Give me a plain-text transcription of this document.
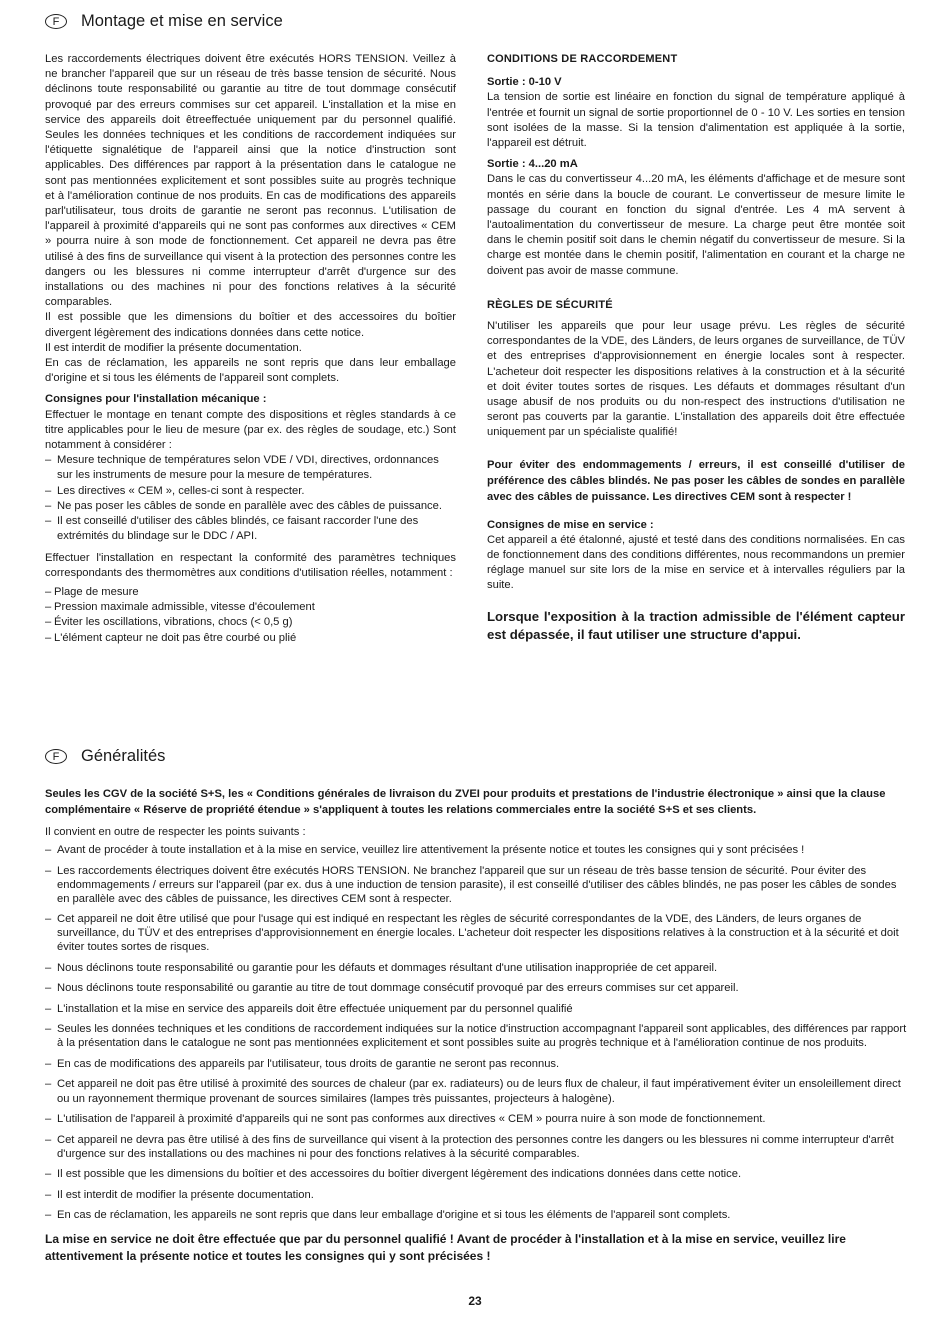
F	Montage et mise en service

Les raccordements électriques doivent être exécutés HORS TENSION. Veillez à ne brancher l'appareil que sur un réseau de très basse tension de sécurité. Nous déclinons toute responsabilité ou garantie au titre de tout dommage consécutif provoqué par des erreurs commises sur cet appareil. L'installation et la mise en service des appareils doit êtreeffectuée uniquement par du personnel qualifié. Seules les données techniques et les conditions de raccordement indiquées sur l'étiquette signalétique de l'appareil ainsi que la notice d'instruction sont applicables. Des différences par rapport à la présentation dans le catalogue ne sont pas mentionnées explicitement et sont possibles suite au progrès technique et à l'amélioration continue de nos produits. En cas de modifications des appareils parl'utilisateur, tous droits de garantie ne seront pas reconnus. L'utilisation de l'appareil à proximité d'appareils qui ne sont pas conformes aux directives « CEM » pourra nuire à son mode de fonctionnement. Cet appareil ne devra pas être utilisé à des fins de surveillance qui visent à la protection des personnes contre les dangers ou les blessures ni comme interrupteur d'arrêt d'urgence sur des installations ou des machines ni pour des fonctions relatives à la sécurité comparables.

Il est possible que les dimensions du boîtier et des accessoires du boîtier divergent légèrement des indications données dans cette notice.

Il est interdit de modifier la présente documentation.

En cas de réclamation, les appareils ne sont repris que dans leur emballage d'origine et si tous les éléments de l'appareil sont complets.

Consignes pour l'installation mécanique :

Effectuer le montage en tenant compte des dispositions et règles standards à ce titre applicables pour le lieu de mesure (par ex. des règles de soudage, etc.) Sont notamment à considérer :

– Mesure technique de températures selon VDE / VDI, directives, ordonnances sur les instruments de mesure pour la mesure de températures.
– Les directives « CEM », celles-ci sont à respecter.
– Ne pas poser les câbles de sonde en parallèle avec des câbles de puissance.
– Il est conseillé d'utiliser des câbles blindés, ce faisant raccorder l'une des extrémités du blindage sur le DDC / API.

Effectuer l'installation en respectant la conformité des paramètres techniques correspondants des thermomètres aux conditions d'utilisation réelles, notamment :

– Plage de mesure
– Pression maximale admissible, vitesse d'écoulement
– Éviter les oscillations, vibrations, chocs (< 0,5 g)
– L'élément capteur ne doit pas être courbé ou plié

CONDITIONS DE RACCORDEMENT

Sortie : 0-10 V

La tension de sortie est linéaire en fonction du signal de température appliqué à l'entrée et fournit un signal de sortie proportionnel de 0 - 10 V. Les sorties en tension sont isolées de la masse. Si la tension d'alimentation est appliquée à la sortie, l'appareil est détruit.

Sortie : 4...20 mA

Dans le cas du convertisseur 4...20 mA, les éléments d'affichage et de mesure sont montés en série dans la boucle de courant. Le convertisseur de mesure limite le passage du courant en fonction du signal d'entrée. Les 4 mA servent à l'autoalimentation du convertisseur de mesure. La charge peut être montée soit dans le chemin positif soit dans le chemin négatif du convertisseur de mesure. Si la charge est montée dans le chemin positif, l'alimentation en courant et la charge ne doivent pas avoir de masse commune.

RÈGLES DE SÉCURITÉ

N'utiliser les appareils que pour leur usage prévu. Les règles de sécurité correspondantes de la VDE, des Länders, de leurs organes de surveillance, de TÜV et des entreprises d'approvisionnement en énergie locales sont à respecter. L'acheteur doit respecter les dispositions relatives à la construction et à la sécurité et doit éviter toutes sortes de risques. Les défauts et dommages résultant d'un usage abusif de nos produits ou du non-respect des instructions d'utilisation ne seront pas couverts par la garantie. L'installation des appareils doit être effectuée uniquement par un spécialiste qualifié!

Pour éviter des endommagements / erreurs, il est conseillé d'utiliser de préférence des câbles blindés. Ne pas poser les câbles de sondes en parallèle avec des câbles de puissance. Les directives CEM sont à respecter !

Consignes de mise en service :

Cet appareil a été étalonné, ajusté et testé dans des conditions normalisées. En cas de fonctionnement dans des conditions différentes, nous recommandons un premier réglage manuel sur site lors de la mise en service et à intervalles réguliers par la suite.

Lorsque l'exposition à la traction admissible de l'élément capteur est dépassée, il faut utiliser une structure d'appui.

F	Généralités

Seules les CGV de la société S+S, les « Conditions générales de livraison du ZVEI pour produits et prestations de l'industrie électronique » ainsi que la clause complémentaire « Réserve de propriété étendue » s'appliquent à toutes les relations commerciales entre la société S+S et ses clients.

Il convient en outre de respecter les points suivants :

– Avant de procéder à toute installation et à la mise en service, veuillez lire attentivement la présente notice et toutes les consignes qui y sont précisées !
– Les raccordements électriques doivent être exécutés HORS TENSION. Ne branchez l'appareil que sur un réseau de très basse tension de sécurité. Pour éviter des endommagements / erreurs sur l'appareil (par ex. dus à une induction de tension parasite), il est conseillé d'utiliser des câbles blindés, ne pas poser les câbles de sondes en parallèle avec des câbles de puissance, les directives CEM sont à respecter.
– Cet appareil ne doit être utilisé que pour l'usage qui est indiqué en respectant les règles de sécurité correspondantes de la VDE, des Länders, de leurs organes de surveillance, du TÜV et des entreprises d'approvisionnement en énergie locales. L'acheteur doit respecter les dispositions relatives à la construction et à la sécurité et doit éviter toutes sortes de risques.
– Nous déclinons toute responsabilité ou garantie pour les défauts et dommages résultant d'une utilisation inappropriée de cet appareil.
– Nous déclinons toute responsabilité ou garantie au titre de tout dommage consécutif provoqué par des erreurs commises sur cet appareil.
– L'installation et la mise en service des appareils doit être effectuée uniquement par du personnel qualifié
– Seules les données techniques et les conditions de raccordement indiquées sur la notice d'instruction accompagnant l'appareil sont applicables, des différences par rapport à la présentation dans le catalogue ne sont pas mentionnées explicitement et sont possibles suite au progrès technique et à l'amélioration continue de nos produits.
– En cas de modifications des appareils par l'utilisateur, tous droits de garantie ne seront pas reconnus.
– Cet appareil ne doit pas être utilisé à proximité des sources de chaleur (par ex. radiateurs) ou de leurs flux de chaleur, il faut impérativement éviter un ensoleillement direct ou un rayonnement thermique provenant de sources similaires (lampes très puissantes, projecteurs à halogène).
– L'utilisation de l'appareil à proximité d'appareils qui ne sont pas conformes aux directives « CEM » pourra nuire à son mode de fonctionnement.
– Cet appareil ne devra pas être utilisé à des fins de surveillance qui visent à la protection des personnes contre les dangers ou les blessures ni comme interrupteur d'arrêt d'urgence sur des installations ou des machines ni pour des fonctions relatives à la sécurité comparables.
– Il est possible que les dimensions du boîtier et des accessoires du boîtier divergent légèrement des indications données dans cette notice.
– Il est interdit de modifier la présente documentation.
– En cas de réclamation, les appareils ne sont repris que dans leur emballage d'origine et si tous les éléments de l'appareil sont complets.

La mise en service ne doit être effectuée que par du personnel qualifié ! Avant de procéder à l'installation et à la mise en service, veuillez lire attentivement la présente notice et toutes les consignes qui y sont précisées !

23
